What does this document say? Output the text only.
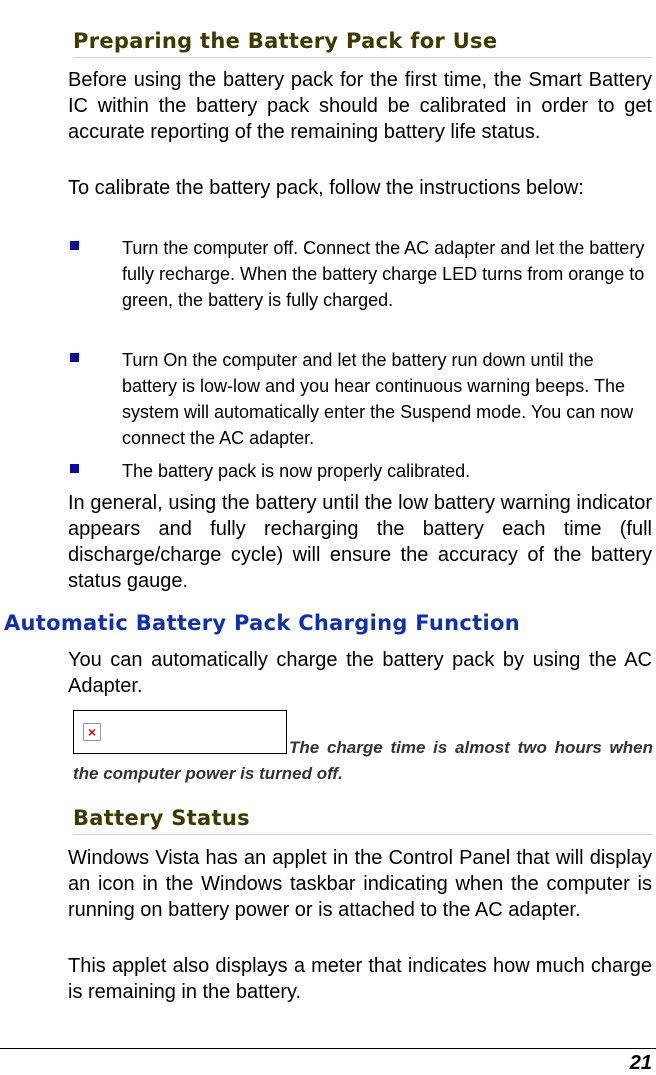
Preparing the Battery Pack for Use

Before using the battery pack for the first time, the Smart Battery IC within the battery pack should be calibrated in order to get accurate reporting of the remaining battery life status.

To calibrate the battery pack, follow the instructions below:

Turn the computer off. Connect the AC adapter and let the battery fully recharge. When the battery charge LED turns from orange to green, the battery is fully charged.

Turn On the computer and let the battery run down until the battery is low-low and you hear continuous warning beeps. The system will automatically enter the Suspend mode. You can now connect the AC adapter.

The battery pack is now properly calibrated.

In general, using the battery until the low battery warning indicator appears and fully recharging the battery each time (full discharge/charge cycle) will ensure the accuracy of the battery status gauge.

Automatic Battery Pack Charging Function

You can automatically charge the battery pack by using the AC Adapter.

×

The charge time is almost two hours when the computer power is turned off.

Battery Status

Windows Vista has an applet in the Control Panel that will display an icon in the Windows taskbar indicating when the computer is running on battery power or is attached to the AC adapter.

This applet also displays a meter that indicates how much charge is remaining in the battery.

21
